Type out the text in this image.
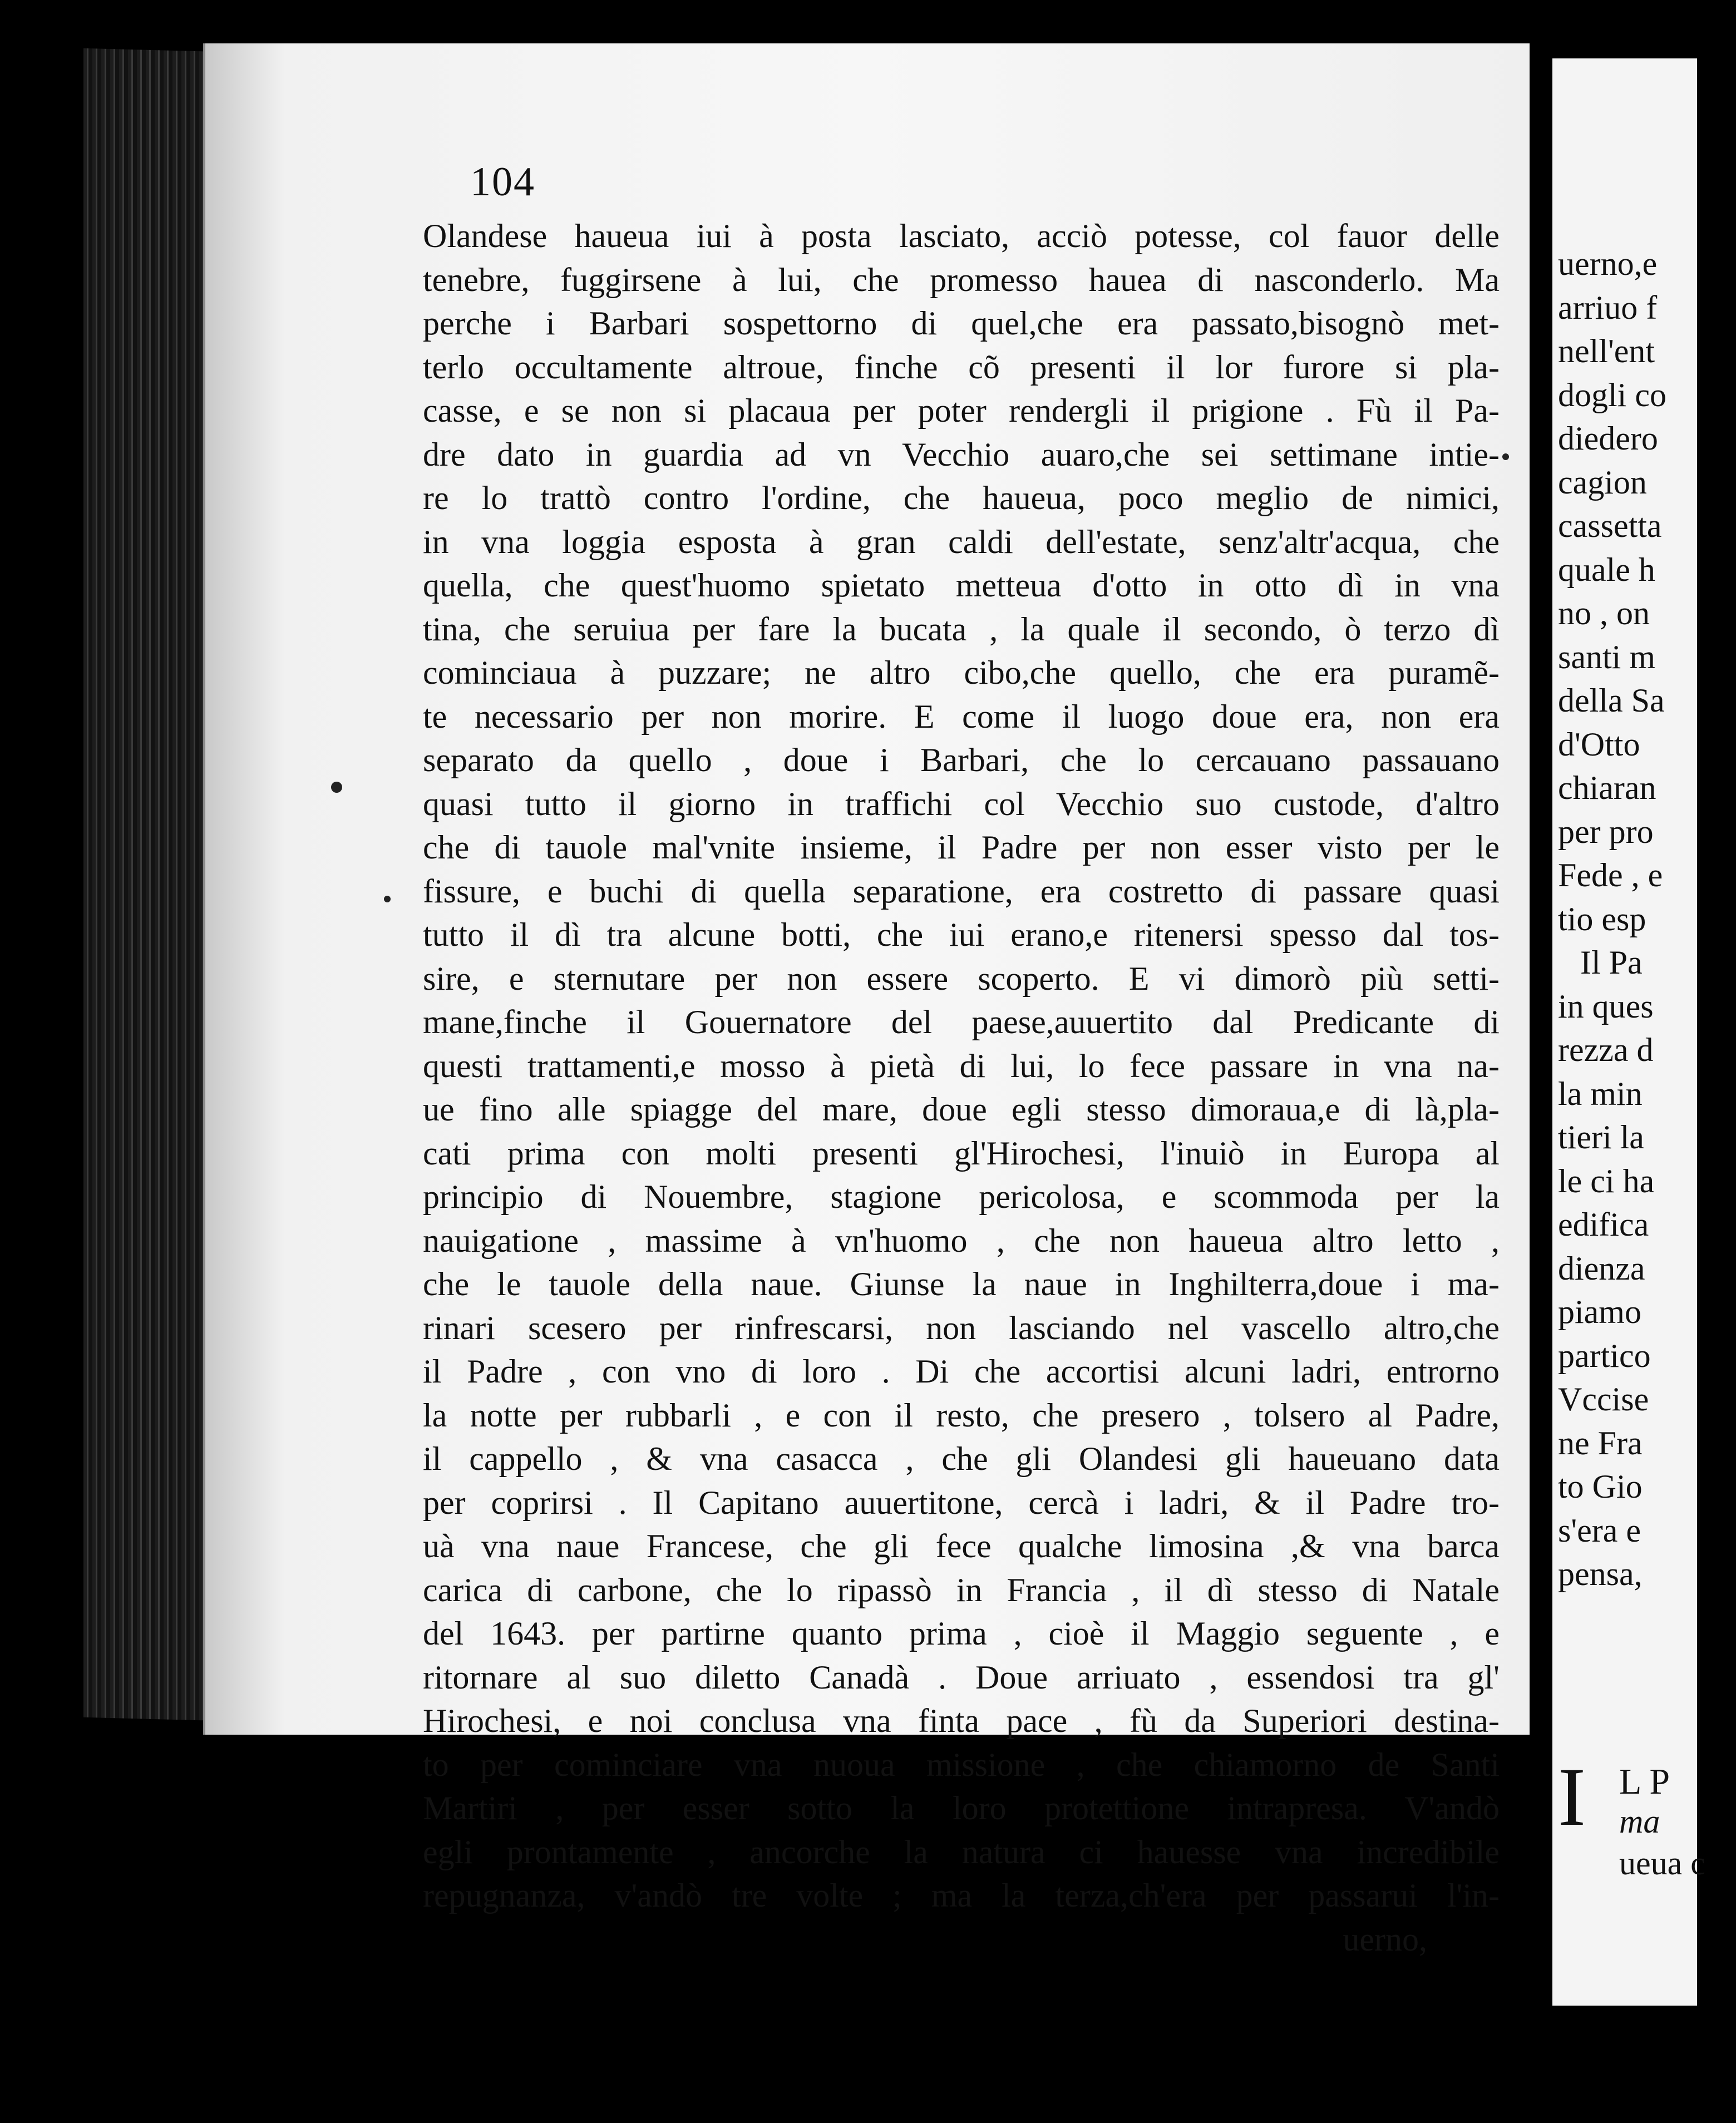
104
Olandese haueua iui à posta lasciato, acciò potesse, col fauor delle
tenebre, fuggirsene à lui, che promesso hauea di nasconderlo. Ma
perche i Barbari sospettorno di quel,che era passato,bisognò met-
terlo occultamente altroue, finche cõ presenti il lor furore si pla-
casse, e se non si placaua per poter rendergli il prigione . Fù il Pa-
dre dato in guardia ad vn Vecchio auaro,che sei settimane intie-
re lo trattò contro l'ordine, che haueua, poco meglio de nimici,
in vna loggia esposta à gran caldi dell'estate, senz'altr'acqua, che
quella, che quest'huomo spietato metteua d'otto in otto dì in vna
tina, che seruiua per fare la bucata , la quale il secondo, ò terzo dì
cominciaua à puzzare; ne altro cibo,che quello, che era puramẽ-
te necessario per non morire. E come il luogo doue era, non era
separato da quello , doue i Barbari, che lo cercauano passauano
quasi tutto il giorno in traffichi col Vecchio suo custode, d'altro
che di tauole mal'vnite insieme, il Padre per non esser visto per le
fissure, e buchi di quella separatione, era costretto di passare quasi
tutto il dì tra alcune botti, che iui erano,e ritenersi spesso dal tos-
sire, e sternutare per non essere scoperto. E vi dimorò più setti-
mane,finche il Gouernatore del paese,auuertito dal Predicante di
questi trattamenti,e mosso à pietà di lui, lo fece passare in vna na-
ue fino alle spiagge del mare, doue egli stesso dimoraua,e di là,pla-
cati prima con molti presenti gl'Hirochesi, l'inuiò in Europa al
principio di Nouembre, stagione pericolosa, e scommoda per la
nauigatione , massime à vn'huomo , che non haueua altro letto ,
che le tauole della naue. Giunse la naue in Inghilterra,doue i ma-
rinari scesero per rinfrescarsi, non lasciando nel vascello altro,che
il Padre , con vno di loro . Di che accortisi alcuni ladri, entrorno
la notte per rubbarli , e con il resto, che presero , tolsero al Padre,
il cappello , & vna casacca , che gli Olandesi gli haueuano data
per coprirsi . Il Capitano auuertitone, cercà i ladri, & il Padre tro-
uà vna naue Francese, che gli fece qualche limosina ,& vna barca
carica di carbone, che lo ripassò in Francia , il dì stesso di Natale
del 1643. per partirne quanto prima , cioè il Maggio seguente , e
ritornare al suo diletto Canadà . Doue arriuato , essendosi tra gl'
Hirochesi, e noi conclusa vna finta pace , fù da Superiori destina-
to per cominciare vna nuoua missione , che chiamorno de Santi
Martiri , per esser sotto la loro protettione intrapresa. V'andò
egli prontamente , ancorche la natura ci hauesse vna incredibile
repugnanza, v'andò tre volte ; ma la terza,ch'era per passarui l'in-
uerno,
uerno,e
arriuo f
nell'ent
dogli co
diedero
cagion
cassetta
quale h
no , on
santi m
della Sa
d'Otto
chiaran
per pro
Fede , e
tio esp
Il Pa
in ques
rezza d
la min
tieri la
le ci ha
edifica
dienza
piamo
partico
Vccise
ne Fra
to Gio
s'era e
pensa,
I L P
ma
ueua c
